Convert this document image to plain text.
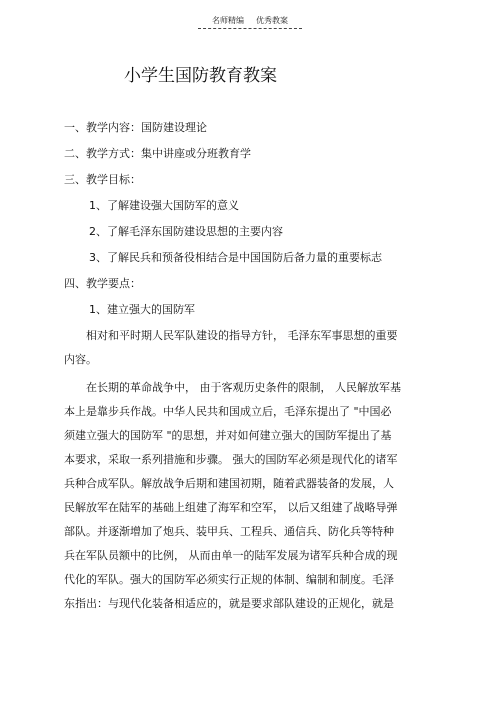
名师精编 优秀教案
小学生国防教育教案
一、教学内容：国防建设理论
二、教学方式：集中讲座或分班教育学
三、教学目标：
1、了解建设强大国防军的意义
2、了解毛泽东国防建设思想的主要内容
3、了解民兵和预备役相结合是中国国防后备力量的重要标志
四、教学要点：
1、建立强大的国防军
相对和平时期人民军队建设的指导方针， 毛泽东军事思想的重要
内容。
在长期的革命战争中， 由于客观历史条件的限制， 人民解放军基
本上是靠步兵作战。中华人民共和国成立后，毛泽东提出了 "中国必
须建立强大的国防军 "的思想，并对如何建立强大的国防军提出了基
本要求，采取一系列措施和步骤。 强大的国防军必须是现代化的诸军
兵种合成军队。解放战争后期和建国初期，随着武器装备的发展，人
民解放军在陆军的基础上组建了海军和空军， 以后又组建了战略导弹
部队。并逐渐增加了炮兵、装甲兵、工程兵、通信兵、防化兵等特种
兵在军队员额中的比例， 从而由单一的陆军发展为诸军兵种合成的现
代化的军队。强大的国防军必须实行正规的体制、编制和制度。毛泽
东指出：与现代化装备相适应的，就是要求部队建设的正规化，就是
